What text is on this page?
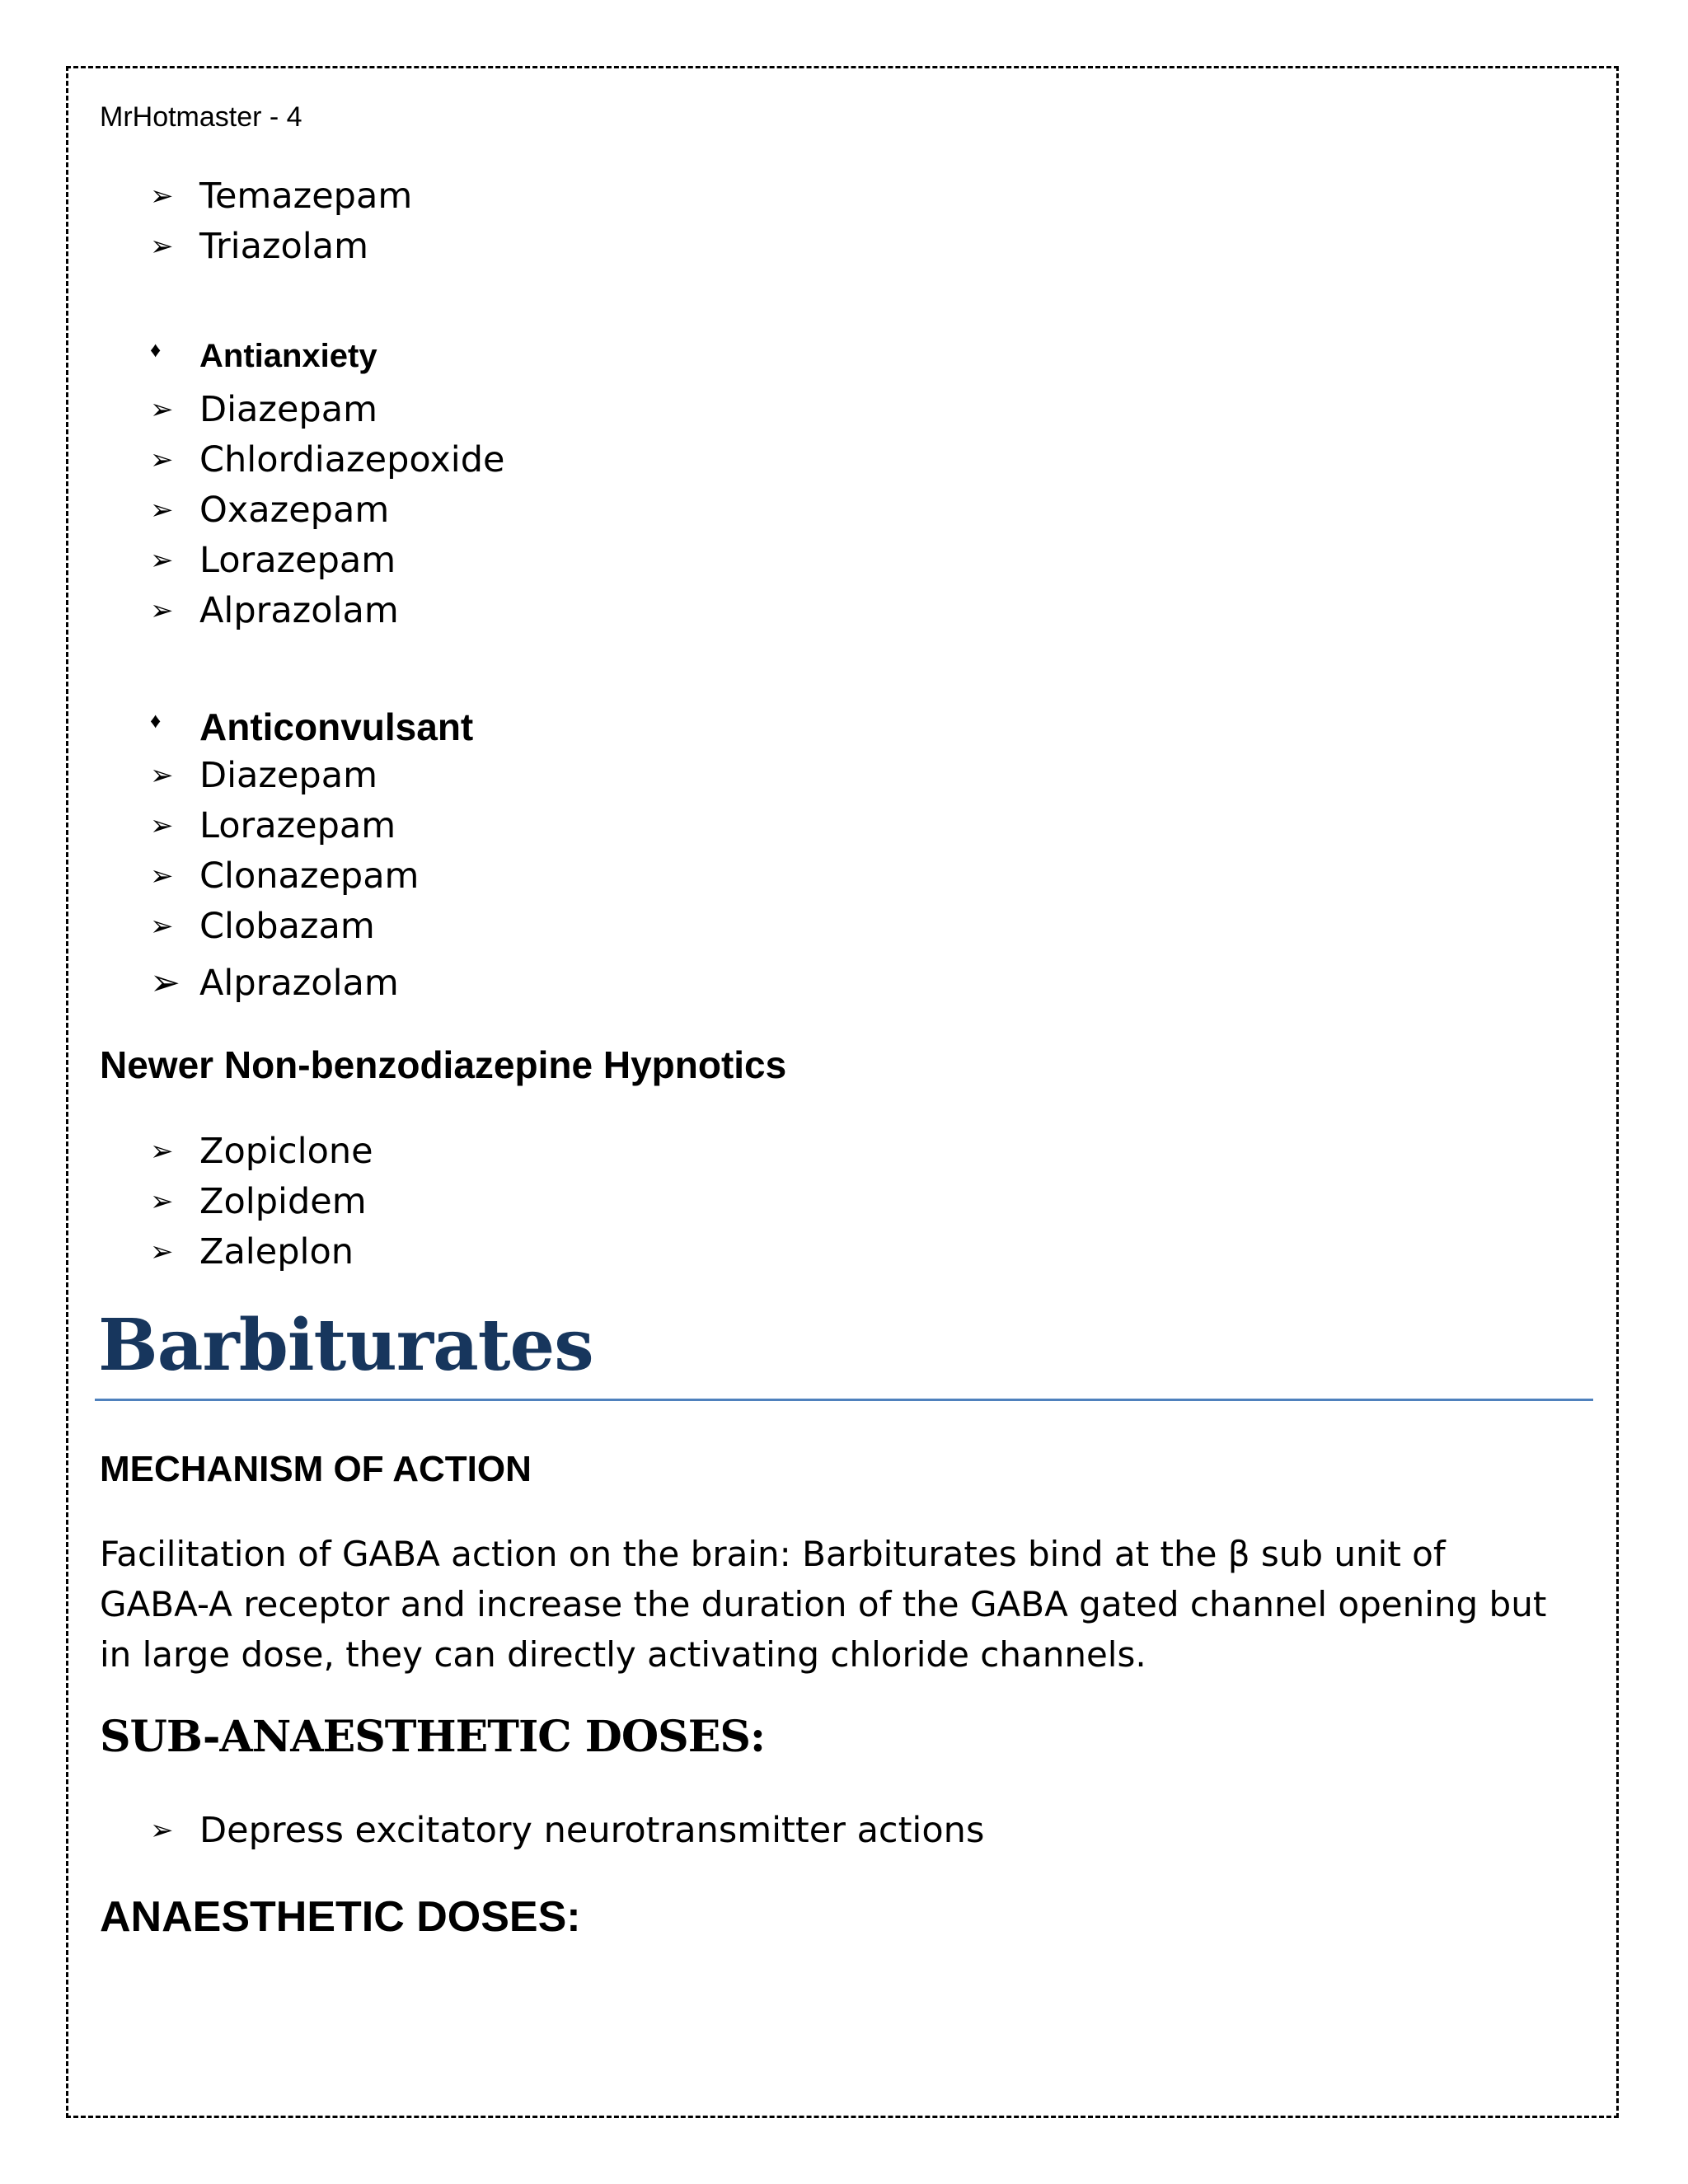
MrHotmaster - 4
➢ Temazepam
➢ Triazolam
♦	Antianxiety
➢ Diazepam
➢ Chlordiazepoxide
➢ Oxazepam
➢ Lorazepam
➢ Alprazolam
♦	Anticonvulsant
➢ Diazepam
➢ Lorazepam
➢ Clonazepam
➢ Clobazam
➢ Alprazolam
Newer Non-benzodiazepine Hypnotics
➢ Zopiclone
➢ Zolpidem
➢ Zaleplon
Barbiturates
MECHANISM OF ACTION
Facilitation of GABA action on the brain: Barbiturates bind at the β sub unit of GABA-A receptor and increase the duration of the GABA gated channel opening but in large dose, they can directly activating chloride channels.
SUB-ANAESTHETIC DOSES:
➢ Depress excitatory neurotransmitter actions
ANAESTHETIC DOSES:
